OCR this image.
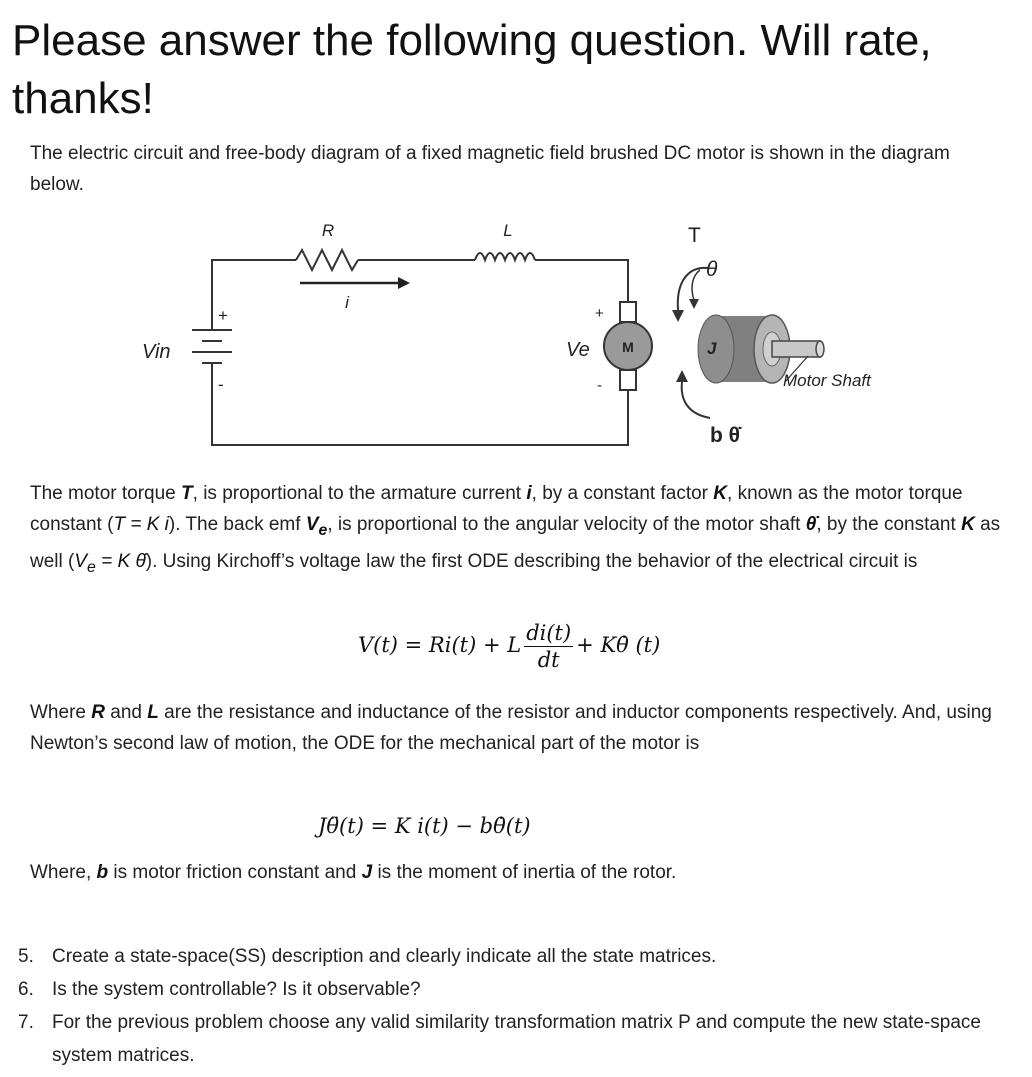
Please answer the following question. Will rate, thanks!

The electric circuit and free-body diagram of a fixed magnetic field brushed DC motor is shown in the diagram below.

R	L
i
Vin
+
-
+
-
Ve M
T
θ
J
Motor Shaft
b θ̇

The motor torque T, is proportional to the armature current i, by a constant factor K, known as the motor torque constant (T = K i). The back emf $V_e$, is proportional to the angular velocity of the motor shaft θ̇, by the constant K as well ($V_e = K$ θ̇). Using Kirchoff’s voltage law the first ODE describing the behavior of the electrical circuit is

V(t) = Ri(t) + L $\frac{di(t)}{dt}$ + Kθ̇ (t)

Where R and L are the resistance and inductance of the resistor and inductor components respectively. And, using Newton’s second law of motion, the ODE for the mechanical part of the motor is

Jθ̈(t) = K i(t) − bθ̇(t)

Where, b is motor friction constant and J is the moment of inertia of the rotor.

5. Create a state-space(SS) description and clearly indicate all the state matrices.
6. Is the system controllable? Is it observable?
7. For the previous problem choose any valid similarity transformation matrix P and compute the new state-space system matrices.
